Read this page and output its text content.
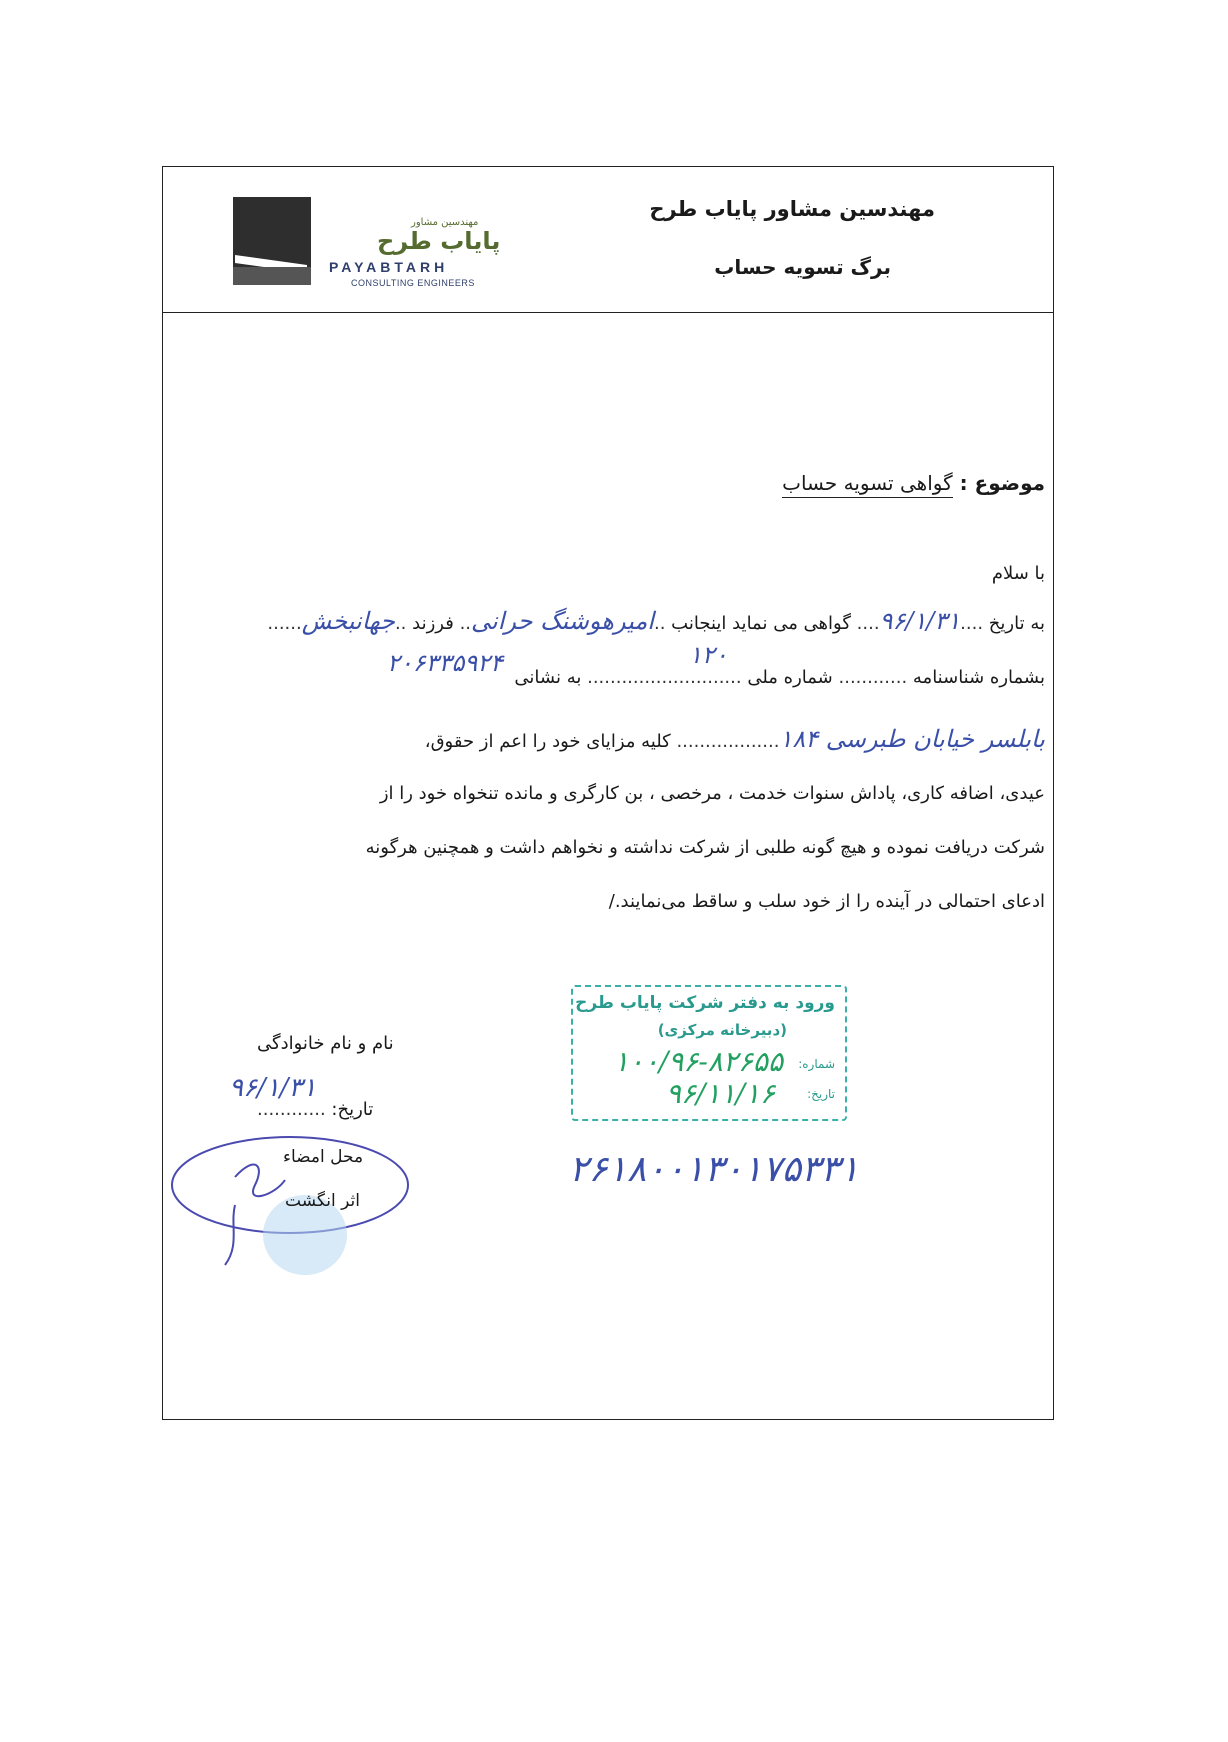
مهندسین مشاور پایاب طرح
برگ تسویه حساب
مهندسین مشاور
پایاب طرح
PAYABTARH
CONSULTING ENGINEERS
موضوع : گواهی تسویه حساب
با سلام
به تاریخ ....۹۶/۱/۳۱.... گواهی می نماید اینجانب ..امیرهوشنگ حرانی.. فرزند ..جهانبخش......
بشماره شناسنامه ............ شماره ملی ........................... به نشانی
۱۲۰
۲۰۶۳۳۵۹۲۴
بابلسر خیابان طبرسی ۱۸۴.................. کلیه مزایای خود را اعم از حقوق،
عیدی، اضافه کاری، پاداش سنوات خدمت ، مرخصی ، بن کارگری و مانده تنخواه خود را از
شرکت دریافت نموده و هیچ گونه طلبی از شرکت نداشته و نخواهم داشت و همچنین هرگونه
ادعای احتمالی در آینده را از خود سلب و ساقط می‌نمایند./
نام و نام خانوادگی
تاریخ: ............
۹۶/۱/۳۱
محل امضاء
اثر انگشت
ورود به دفتر شرکت پایاب طرح
(دبیرخانه مرکزی)
شماره:
۱۰۰/۹۶-۸۲۶۵۵
تاریخ:
۹۶/۱۱/۱۶
۲۶۱۸۰۰۱۳۰۱۷۵۳۳۱
